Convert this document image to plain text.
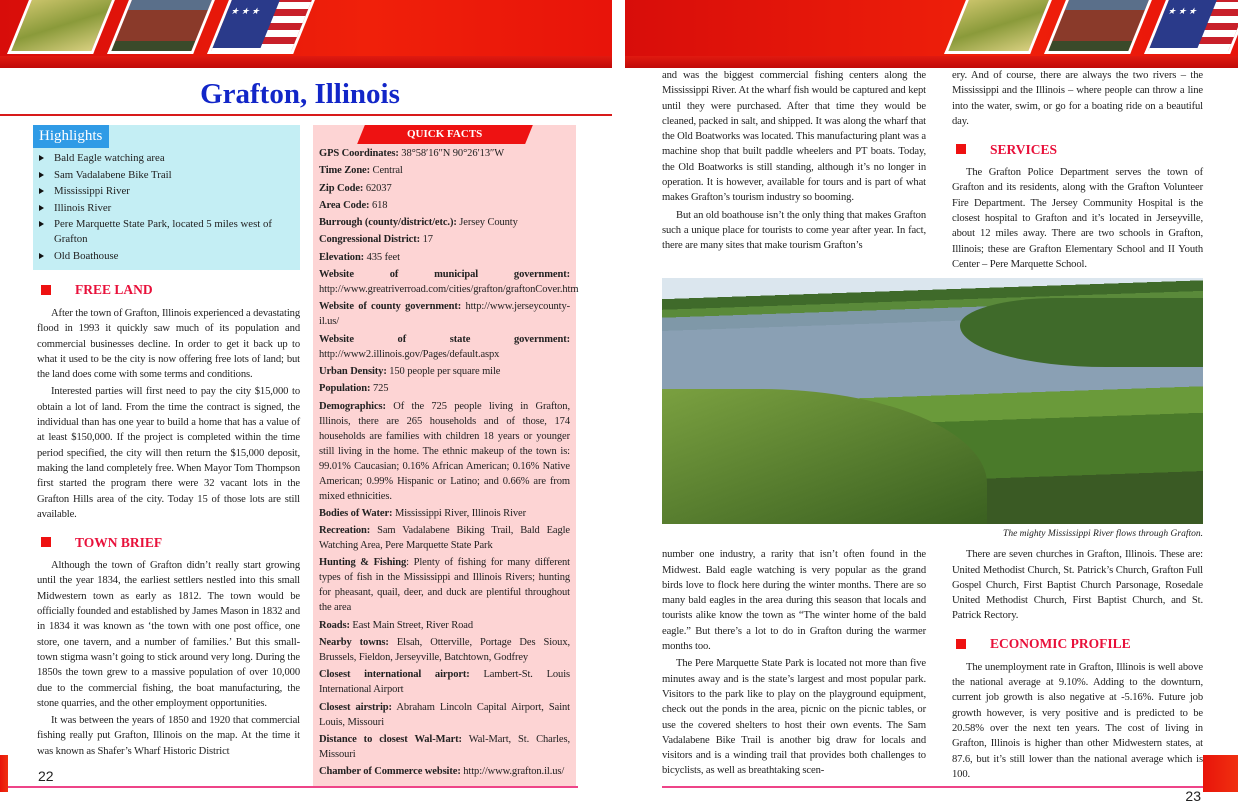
★ ★ ★
Grafton, Illinois
Highlights
Bald Eagle watching area
Sam Vadalabene Bike Trail
Mississippi River
Illinois River
Pere Marquette State Park, located 5 miles west of Grafton
Old Boathouse
FREE LAND

After the town of Grafton, Illinois experienced a devastating flood in 1993 it quickly saw much of its population and commercial businesses decline. In order to get it back up to what it used to be the city is now offering free lots of land; but the land does come with some terms and conditions.

Interested parties will first need to pay the city $15,000 to obtain a lot of land. From the time the contract is signed, the individual than has one year to build a home that has a value of at least $150,000. If the project is completed within the time period specified, the city will then return the $15,000 deposit, making the land completely free. When Mayor Tom Thompson first started the program there were 32 vacant lots in the Grafton Hills area of the city. Today 15 of those lots are still available.

TOWN BRIEF

Although the town of Grafton didn’t really start growing until the year 1834, the earliest settlers nestled into this small Midwestern town as early as 1812. The town would be officially founded and established by James Mason in 1832 and in 1834 it was known as ‘the town with one post office, one store, one tavern, and a number of families.’ But this small-town stigma wasn’t going to stick around very long. During the 1850s the town grew to a massive population of over 10,000 due to the commercial fishing, the boat manufacturing, the stone quarries, and the other employment opportunities.

It was between the years of 1850 and 1920 that commercial fishing really put Grafton, Illinois on the map. At the time it was known as Shafer’s Wharf Historic District

22
QUICK FACTS

GPS Coordinates: 38°58′16″N 90°26′13″W

Time Zone: Central

Zip Code: 62037

Area Code: 618

Burrough (county/district/etc.): Jersey County

Congressional District: 17

Elevation: 435 feet

Website of municipal government: http://www.greatriverroad.com/cities/grafton/graftonCover.htm

Website of county government: http://www.jerseycounty-il.us/

Website of state government: http://www2.illinois.gov/Pages/default.aspx

Urban Density: 150 people per square mile

Population: 725

Demographics: Of the 725 people living in Grafton, Illinois, there are 265 households and of those, 174 households are families with children 18 years or younger still living in the home. The ethnic makeup of the town is: 99.01% Caucasian; 0.16% African American; 0.16% Native American; 0.99% Hispanic or Latino; and 0.66% are from mixed ethnicities.

Bodies of Water: Mississippi River, Illinois River

Recreation: Sam Vadalabene Biking Trail, Bald Eagle Watching Area, Pere Marquette State Park

Hunting & Fishing: Plenty of fishing for many different types of fish in the Mississippi and Illinois Rivers; hunting for pheasant, quail, deer, and duck are plentiful throughout the area

Roads: East Main Street, River Road

Nearby towns: Elsah, Otterville, Portage Des Sioux, Brussels, Fieldon, Jerseyville, Batchtown, Godfrey

Closest international airport: Lambert-St. Louis International Airport

Closest airstrip: Abraham Lincoln Capital Airport, Saint Louis, Missouri

Distance to closest Wal-Mart: Wal-Mart, St. Charles, Missouri

Chamber of Commerce website: http://www.grafton.il.us/

★ ★ ★

and was the biggest commercial fishing centers along the Mississippi River. At the wharf fish would be captured and kept until they were purchased. After that time they would be cleaned, packed in salt, and shipped. It was along the wharf that the Old Boatworks was located. This manufacturing plant was a machine shop that built paddle wheelers and PT boats. Today, the Old Boatworks is still standing, although it’s no longer in operation. It is however, available for tours and is part of what makes Grafton’s tourism industry so booming.

But an old boathouse isn’t the only thing that makes Grafton such a unique place for tourists to come year after year. In fact, there are many sites that make tourism Grafton’s

ery. And of course, there are always the two rivers – the Mississippi and the Illinois – where people can throw a line into the water, swim, or go for a boating ride on a beautiful day.

SERVICES

The Grafton Police Department serves the town of Grafton and its residents, along with the Grafton Volunteer Fire Department. The Jersey Community Hospital is the closest hospital to Grafton and it’s located in Jerseyville, about 12 miles away. There are two schools in Grafton, Illinois; these are Grafton Elementary School and II Youth Center – Pere Marquette School.

The mighty Mississippi River flows through Grafton.

number one industry, a rarity that isn’t often found in the Midwest. Bald eagle watching is very popular as the grand birds love to flock here during the winter months. There are so many bald eagles in the area during this season that locals and tourists alike know the town as “The winter home of the bald eagle.” But there’s a lot to do in Grafton during the warmer months too.

The Pere Marquette State Park is located not more than five minutes away and is the state’s largest and most popular park. Visitors to the park like to play on the playground equipment, check out the ponds in the area, picnic on the picnic tables, or use the covered shelters to host their own events. The Sam Vadalabene Bike Trail is another big draw for locals and visitors and is a winding trail that provides both challenges to bicyclists, as well as breathtaking scen-

There are seven churches in Grafton, Illinois. These are: United Methodist Church, St. Patrick’s Church, Grafton Full Gospel Church, First Baptist Church Parsonage, Rosedale United Methodist Church, First Baptist Church, and St. Patrick Rectory.

ECONOMIC PROFILE

The unemployment rate in Grafton, Illinois is well above the national average at 9.10%. Adding to the downturn, current job growth is also negative at -5.16%. Future job growth however, is very positive and is predicted to be 20.58% over the next ten years. The cost of living in Grafton, Illinois is higher than other Midwestern states, at 87.6, but it’s still lower than the national average which is 100.

23
